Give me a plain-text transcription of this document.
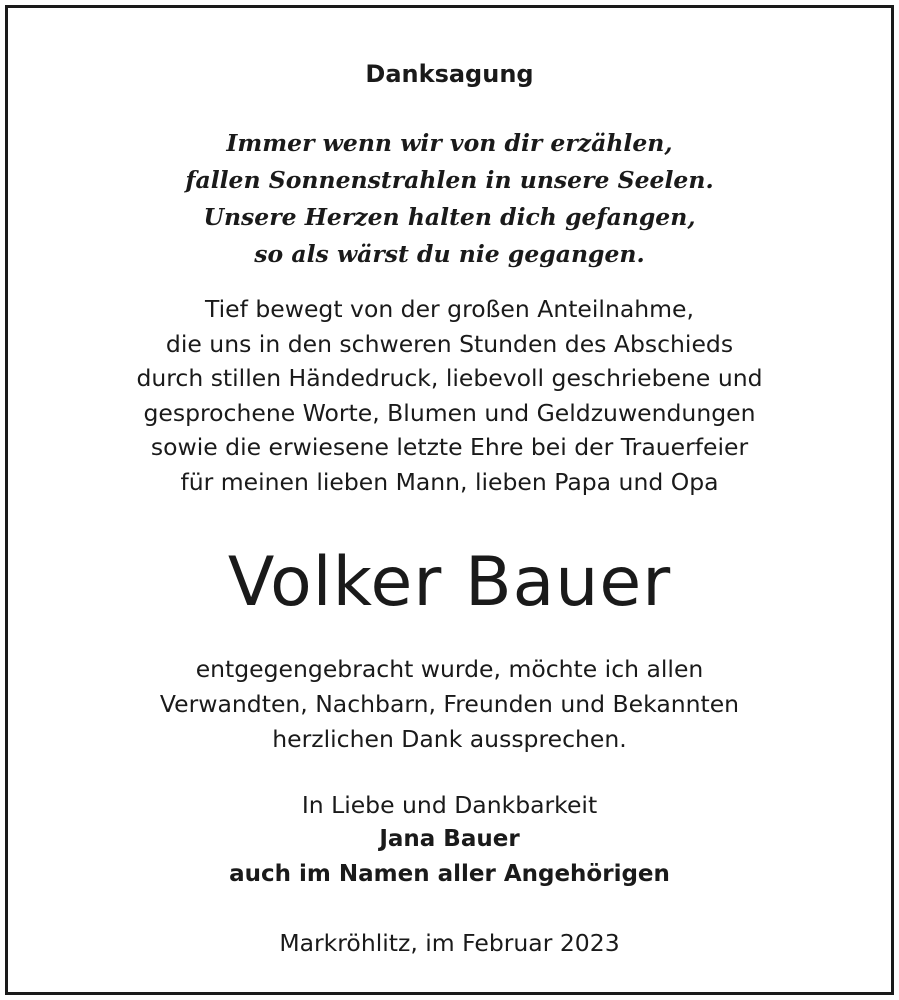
Danksagung
Immer wenn wir von dir erzählen,
fallen Sonnenstrahlen in unsere Seelen.
Unsere Herzen halten dich gefangen,
so als wärst du nie gegangen.
Tief bewegt von der großen Anteilnahme,
die uns in den schweren Stunden des Abschieds
durch stillen Händedruck, liebevoll geschriebene und
gesprochene Worte, Blumen und Geldzuwendungen
sowie die erwiesene letzte Ehre bei der Trauerfeier
für meinen lieben Mann, lieben Papa und Opa
Volker Bauer
entgegengebracht wurde, möchte ich allen
Verwandten, Nachbarn, Freunden und Bekannten
herzlichen Dank aussprechen.
In Liebe und Dankbarkeit
Jana Bauer
auch im Namen aller Angehörigen
Markröhlitz, im Februar 2023
